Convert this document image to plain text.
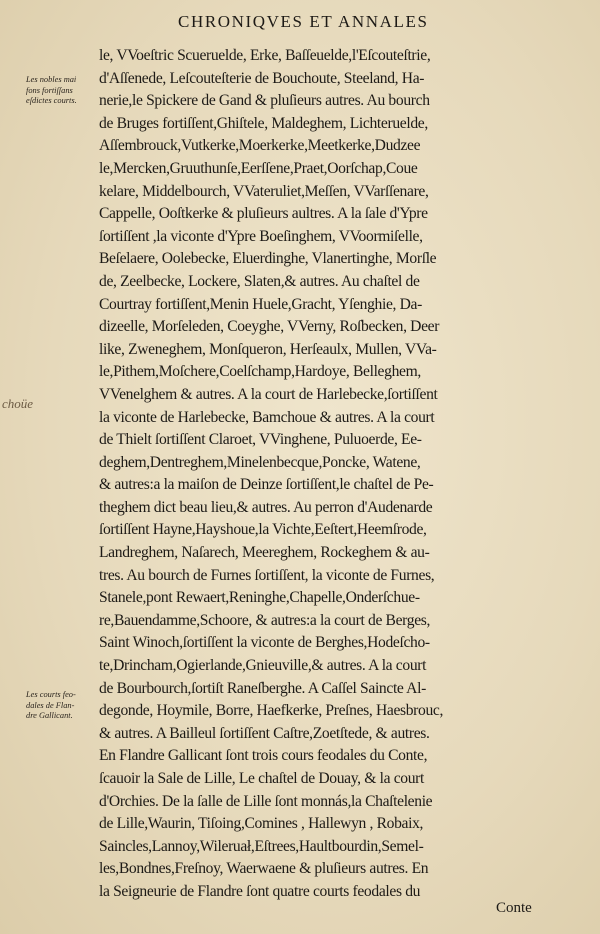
CHRONIQVES ET ANNALES
Les nobles mai
fons fortiſſans
eſdictes courts.
choüe
Les courts feo-
dales de Flan-
dre Gallicant.
le, VVoeſtric Scueruelde, Erke, Baſſeuelde,l'Eſcouteſtrie,
d'Aſſenede, Leſcouteſterie de Bouchoute, Steeland, Ha-
nerie,le Spickere de Gand & pluſieurs autres. Au bourch
de Bruges fortiſſent,Ghiſtele, Maldeghem, Lichteruelde,
Aſſembrouck,Vutkerke,Moerkerke,Meetkerke,Dudzee
le,Mercken,Gruuthunſe,Eerſſene,Praet,Oorſchap,Coue
kelare, Middelbourch, VVateruliet,Meſſen, VVarſſenare,
Cappelle, Ooſtkerke & pluſieurs aultres. A la ſale d'Ypre
ſortiſſent ,la viconte d'Ypre Boeſinghem, VVoormiſelle,
Beſelaere, Oolebecke, Eluerdinghe, Vlanertinghe, Morſle
de, Zeelbecke, Lockere, Slaten,& autres. Au chaſtel de
Courtray fortiſſent,Menin Huele,Gracht, Yſenghie, Da-
dizeelle, Morſeleden, Coeyghe, VVerny, Roſbecken, Deer
like, Zweneghem, Monſqueron, Herſeaulx, Mullen, VVa-
le,Pithem,Moſchere,Coelſchamp,Hardoye, Belleghem,
VVenelghem & autres. A la court de Harlebecke,ſortiſſent
la viconte de Harlebecke, Bamchoue & autres. A la court
de Thielt ſortiſſent Claroet, VVinghene, Puluoerde, Ee-
deghem,Dentreghem,Minelenbecque,Poncke, Watene,
& autres:a la maiſon de Deinze ſortiſſent,le chaſtel de Pe-
theghem dict beau lieu,& autres. Au perron d'Audenarde
ſortiſſent Hayne,Hayshoue,la Vichte,Eeſtert,Heemſrode,
Landreghem, Naſarech, Meereghem, Rockeghem & au-
tres. Au bourch de Furnes ſortiſſent, la viconte de Furnes,
Stanele,pont Rewaert,Reninghe,Chapelle,Onderſchue-
re,Bauendamme,Schoore, & autres:a la court de Berges,
Saint Winoch,ſortiſſent la viconte de Berghes,Hodeſcho-
te,Drincham,Ogierlande,Gnieuville,& autres. A la court
de Bourbourch,ſortiſt Raneſberghe. A Caſſel Saincte Al-
degonde, Hoymile, Borre, Haefkerke, Preſnes, Haesbrouc,
& autres. A Bailleul ſortiſſent Caſtre,Zoetſtede, & autres.
En Flandre Gallicant ſont trois cours feodales du Conte,
ſcauoir la Sale de Lille, Le chaſtel de Douay, & la court
d'Orchies. De la ſalle de Lille ſont monnás,la Chaſtelenie
de Lille,Waurin, Tiſoing,Comines , Hallewyn , Robaix,
Saincles,Lannoy,Wileruał,Eſtrees,Haultbourdin,Semel-
les,Bondnes,Freſnoy, Waerwaene & pluſieurs autres. En
la Seigneurie de Flandre ſont quatre courts feodales du
Conte
